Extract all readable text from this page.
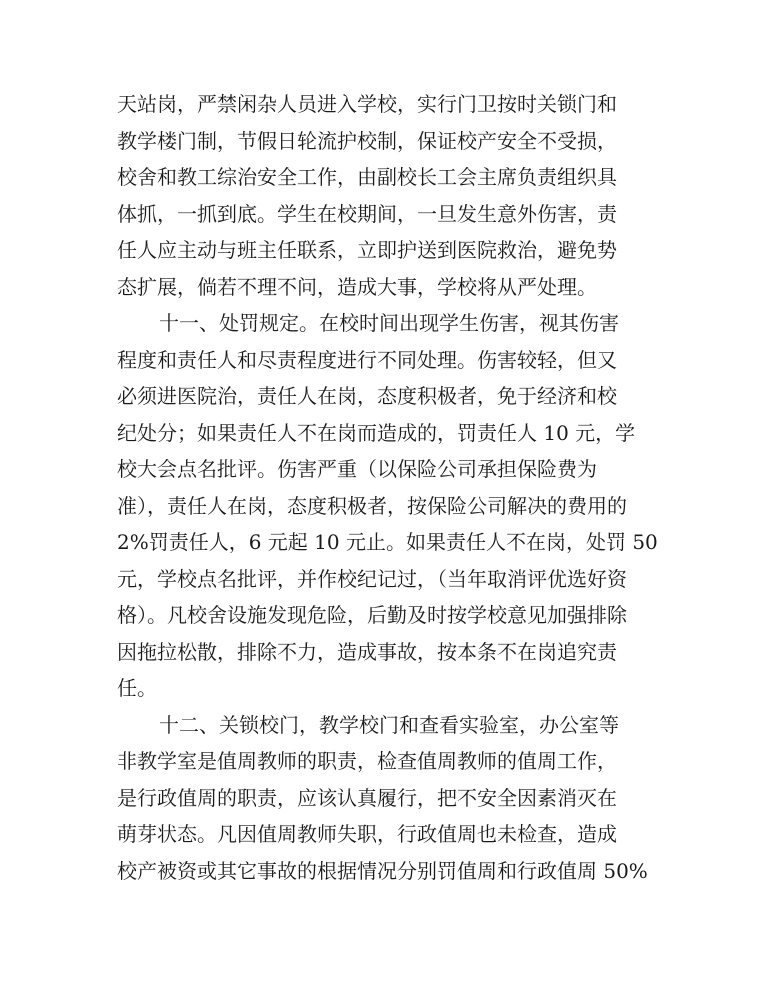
天站岗，严禁闲杂人员进入学校，实行门卫按时关锁门和
教学楼门制，节假日轮流护校制，保证校产安全不受损，
校舍和教工综治安全工作，由副校长工会主席负责组织具
体抓，一抓到底。学生在校期间，一旦发生意外伤害，责
任人应主动与班主任联系，立即护送到医院救治，避免势
态扩展，倘若不理不问，造成大事，学校将从严处理。
十一、处罚规定。在校时间出现学生伤害，视其伤害
程度和责任人和尽责程度进行不同处理。伤害较轻，但又
必须进医院治，责任人在岗，态度积极者，免于经济和校
纪处分；如果责任人不在岗而造成的，罚责任人 10 元，学
校大会点名批评。伤害严重（以保险公司承担保险费为
准），责任人在岗，态度积极者，按保险公司解决的费用的
2%罚责任人，6 元起 10 元止。如果责任人不在岗，处罚 50
元，学校点名批评，并作校纪记过，（当年取消评优选好资
格）。凡校舍设施发现危险，后勤及时按学校意见加强排除
因拖拉松散，排除不力，造成事故，按本条不在岗追究责
任。
十二、关锁校门，教学校门和查看实验室，办公室等
非教学室是值周教师的职责，检查值周教师的值周工作，
是行政值周的职责，应该认真履行，把不安全因素消灭在
萌芽状态。凡因值周教师失职，行政值周也未检查，造成
校产被资或其它事故的根据情况分别罚值周和行政值周 50%
